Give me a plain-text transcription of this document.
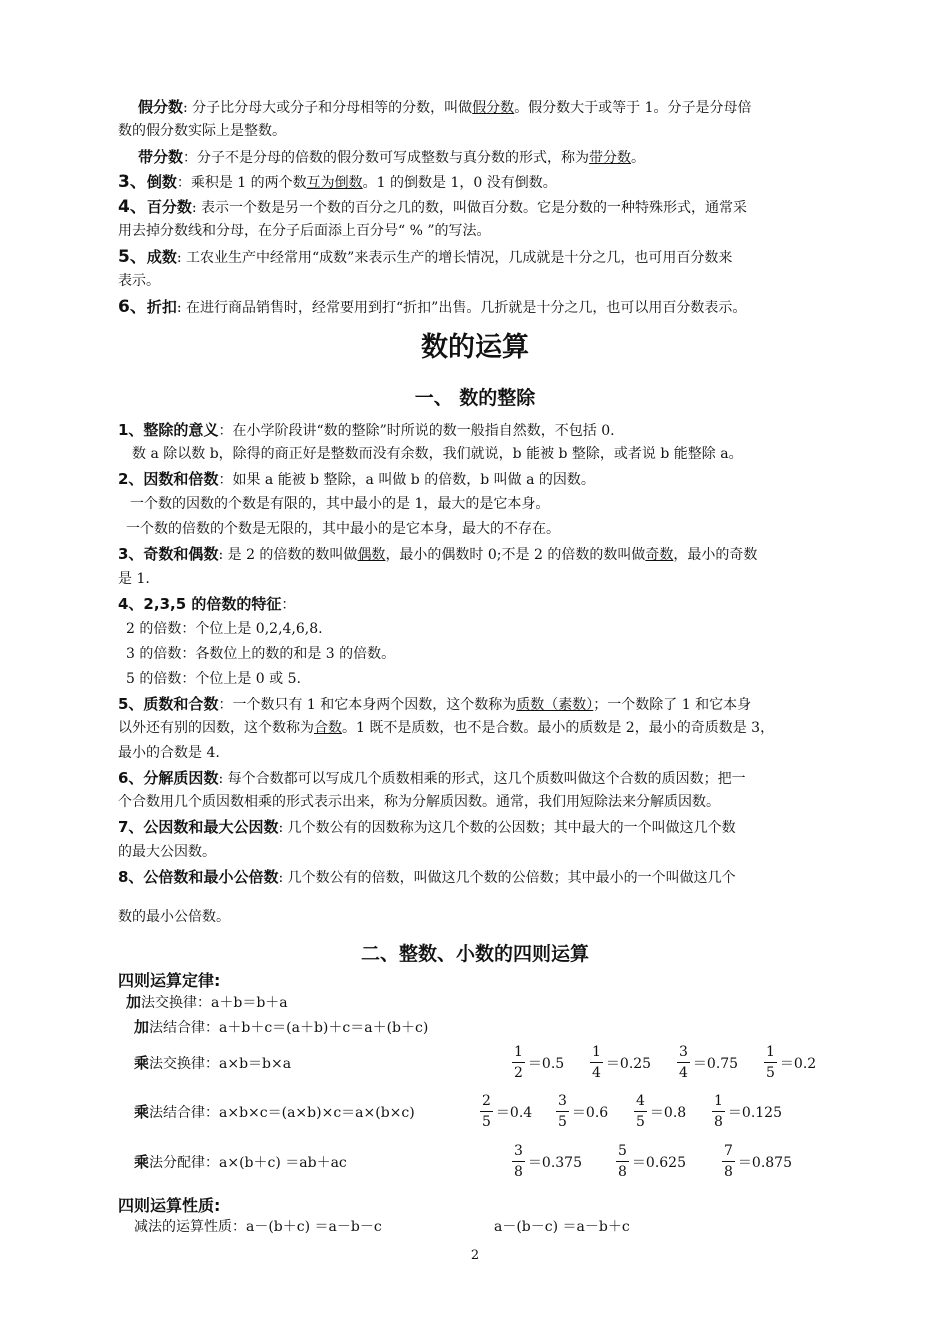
假分数: 分子比分母大或分子和分母相等的分数，叫做假分数。假分数大于或等于 1。分子是分母倍
数的假分数实际上是整数。
带分数：分子不是分母的倍数的假分数可写成整数与真分数的形式，称为带分数。
3、倒数：乘积是 1 的两个数互为倒数。1 的倒数是 1，0 没有倒数。
4、百分数: 表示一个数是另一个数的百分之几的数，叫做百分数。它是分数的一种特殊形式，通常采
用去掉分数线和分母，在分子后面添上百分号“ % ”的写法。
5、成数: 工农业生产中经常用“成数”来表示生产的增长情况，几成就是十分之几，也可用百分数来
表示。
6、折扣: 在进行商品销售时，经常要用到打“折扣”出售。几折就是十分之几，也可以用百分数表示。
数的运算
一、 数的整除
1、整除的意义：在小学阶段讲“数的整除”时所说的数一般指自然数，不包括 0.
数 a 除以数 b，除得的商正好是整数而没有余数，我们就说，b 能被 b 整除，或者说 b 能整除 a。
2、因数和倍数：如果 a 能被 b 整除，a 叫做 b 的倍数，b 叫做 a 的因数。
一个数的因数的个数是有限的，其中最小的是 1，最大的是它本身。
一个数的倍数的个数是无限的，其中最小的是它本身，最大的不存在。
3、奇数和偶数: 是 2 的倍数的数叫做偶数，最小的偶数时 0;不是 2 的倍数的数叫做奇数，最小的奇数
是 1.
4、2,3,5 的倍数的特征：
2 的倍数：个位上是 0,2,4,6,8.
3 的倍数：各数位上的数的和是 3 的倍数。
5 的倍数：个位上是 0 或 5.
5、质数和合数：一个数只有 1 和它本身两个因数，这个数称为质数（素数）；一个数除了 1 和它本身
以外还有别的因数，这个数称为合数。1 既不是质数，也不是合数。最小的质数是 2，最小的奇质数是 3，
最小的合数是 4.
6、分解质因数: 每个合数都可以写成几个质数相乘的形式，这几个质数叫做这个合数的质因数；把一
个合数用几个质因数相乘的形式表示出来，称为分解质因数。通常，我们用短除法来分解质因数。
7、公因数和最大公因数: 几个数公有的因数称为这几个数的公因数；其中最大的一个叫做这几个数
的最大公因数。
8、公倍数和最小公倍数: 几个数公有的倍数，叫做这几个数的公倍数；其中最小的一个叫做这几个
数的最小公倍数。
二、整数、小数的四则运算
四则运算定律:
加法交换律：a＋b＝b＋a
加法结合律：a＋b＋c＝(a＋b)＋c＝a＋(b＋c)
乘法交换律：a×b＝b×a
乘法结合律：a×b×c＝(a×b)×c＝a×(b×c)
乘法分配律：a×(b＋c) ＝ab＋ac
$\frac{1}{2} =0.5 \frac{1}{4} =0.25 \frac{3}{4} =0.75 \frac{1}{5} =0.2$
$\frac{2}{5} =0.4 \frac{3}{5} =0.6 \frac{4}{5} =0.8 \frac{1}{8} =0.125$
$\frac{3}{8} =0.375 \frac{5}{8} =0.625$	$\frac{7}{8} =0.875$
四则运算性质:
减法的运算性质：a－(b＋c) ＝a－b－c	a－(b－c) ＝a－b＋c
2
